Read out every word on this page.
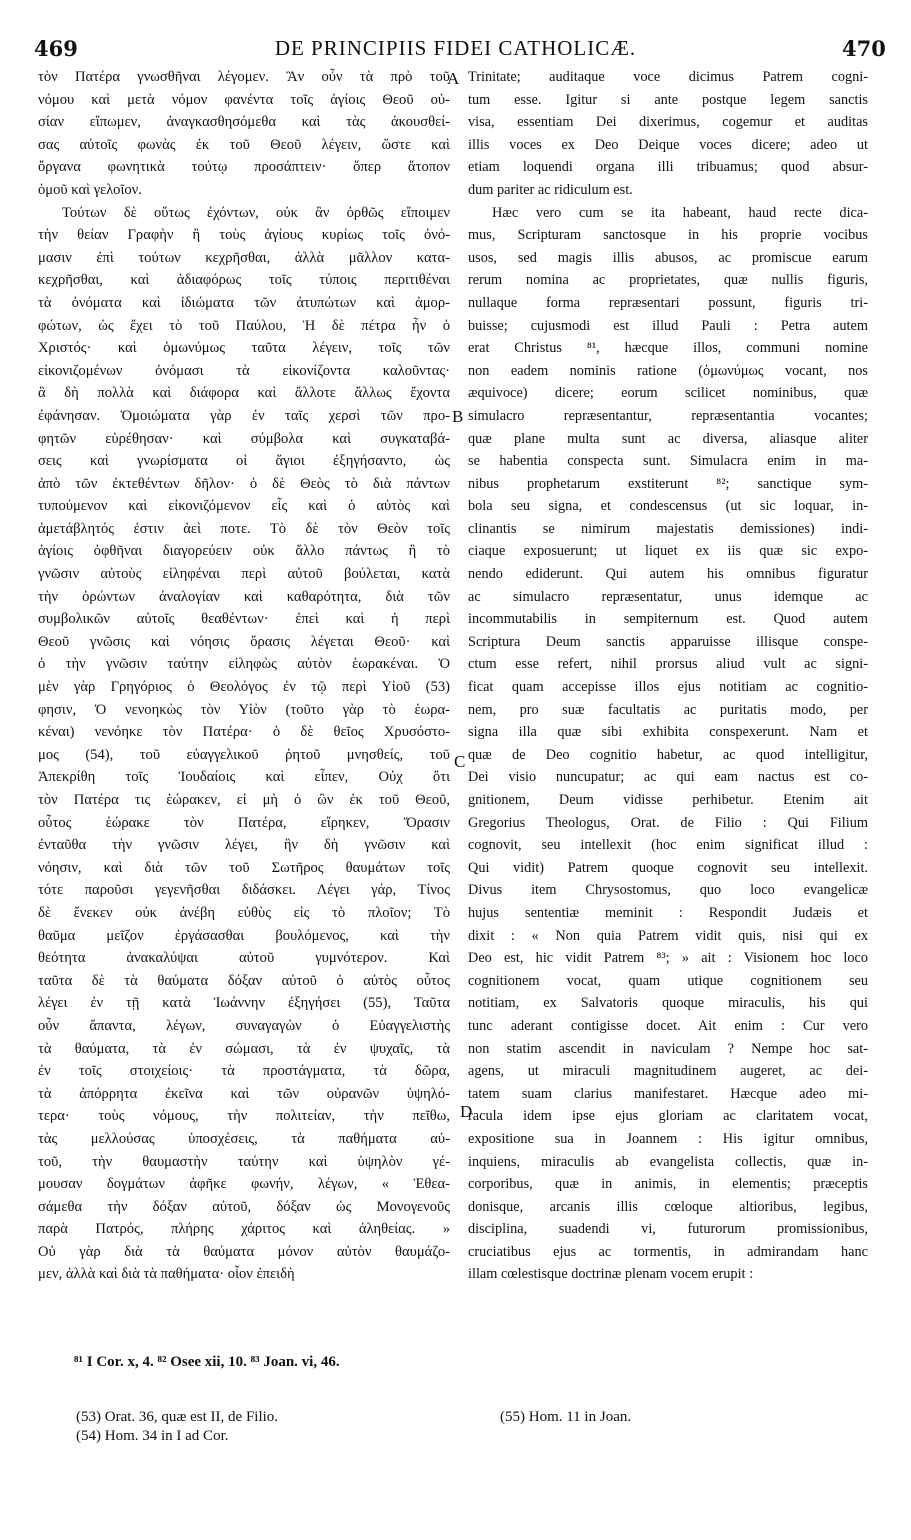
469	DE PRINCIPIIS FIDEI CATHOLICÆ.	470
τὸν Πατέρα γνωσθῆναι λέγομεν. Ἂν οὖν τὰ πρὸ τοῦ
νόμου καὶ μετὰ νόμον φανέντα τοῖς ἁγίοις Θεοῦ οὐ-
σίαν εἴπωμεν, ἀναγκασθησόμεθα καὶ τὰς ἀκουσθεί-
σας αὐτοῖς φωνὰς ἐκ τοῦ Θεοῦ λέγειν, ὥστε καὶ
ὄργανα φωνητικὰ τούτῳ προσάπτειν· ὅπερ ἄτοπον
ὁμοῦ καὶ γελοῖον.
Τούτων δὲ οὕτως ἐχόντων, οὐκ ἂν ὀρθῶς εἴποιμεν
τὴν θείαν Γραφὴν ἢ τοὺς ἁγίους κυρίως τοῖς ὀνό-
μασιν ἐπὶ τούτων κεχρῆσθαι, ἀλλὰ μᾶλλον κατα-
κεχρῆσθαι, καὶ ἀδιαφόρως τοῖς τύποις περιτιθέναι
τὰ ὀνόματα καὶ ἰδιώματα τῶν ἀτυπώτων καὶ ἀμορ-
φώτων, ὡς ἔχει τὸ τοῦ Παύλου, Ἡ δὲ πέτρα ἦν ὁ
Χριστός· καὶ ὁμωνύμως ταῦτα λέγειν, τοῖς τῶν
εἰκονιζομένων ὀνόμασι τὰ εἰκονίζοντα καλοῦντας·
ἃ δὴ πολλὰ καὶ διάφορα καὶ ἄλλοτε ἄλλως ἔχοντα
ἐφάνησαν. Ὁμοιώματα γὰρ ἐν ταῖς χερσὶ τῶν προ-
φητῶν εὑρέθησαν· καὶ σύμβολα καὶ συγκαταβά-
σεις καὶ γνωρίσματα οἱ ἅγιοι ἐξηγήσαντο, ὡς
ἀπὸ τῶν ἐκτεθέντων δῆλον· ὁ δὲ Θεὸς τὸ διὰ πάντων
τυπούμενον καὶ εἰκονιζόμενον εἷς καὶ ὁ αὐτὸς καὶ
ἀμετάβλητός ἐστιν ἀεὶ ποτε. Τὸ δὲ τὸν Θεὸν τοῖς
ἁγίοις ὀφθῆναι διαγορεύειν οὐκ ἄλλο πάντως ἢ τὸ
γνῶσιν αὐτοὺς εἰληφέναι περὶ αὐτοῦ βούλεται, κατὰ
τὴν ὁρώντων ἀναλογίαν καὶ καθαρότητα, διὰ τῶν
συμβολικῶν αὐτοῖς θεαθέντων· ἐπεὶ καὶ ἡ περὶ
Θεοῦ γνῶσις καὶ νόησις ὅρασις λέγεται Θεοῦ· καὶ
ὁ τὴν γνῶσιν ταύτην εἰληφὼς αὐτὸν ἑωρακέναι. Ὁ
μὲν γὰρ Γρηγόριος ὁ Θεολόγος ἐν τῷ περὶ Υἱοῦ (53)
φησιν, Ὁ νενοηκὼς τὸν Υἱὸν (τοῦτο γὰρ τὸ ἑωρα-
κέναι) νενόηκε τὸν Πατέρα· ὁ δὲ θεῖος Χρυσόστο-
μος (54), τοῦ εὐαγγελικοῦ ῥητοῦ μνησθείς, τοῦ
Ἀπεκρίθη τοῖς Ἰουδαίοις καὶ εἶπεν, Οὐχ ὅτι
τὸν Πατέρα τις ἑώρακεν, εἰ μὴ ὁ ὢν ἐκ τοῦ Θεοῦ,
οὗτος ἑώρακε τὸν Πατέρα, εἴρηκεν, Ὅρασιν
ἐνταῦθα τὴν γνῶσιν λέγει, ἣν δὴ γνῶσιν καὶ
νόησιν, καὶ διὰ τῶν τοῦ Σωτῆρος θαυμάτων τοῖς
τότε παροῦσι γεγενῆσθαι διδάσκει. Λέγει γάρ, Τίνος
δὲ ἕνεκεν οὐκ ἀνέβη εὐθὺς εἰς τὸ πλοῖον; Τὸ
θαῦμα μεῖζον ἐργάσασθαι βουλόμενος, καὶ τὴν
θεότητα ἀνακαλύψαι αὐτοῦ γυμνότερον. Καὶ
ταῦτα δὲ τὰ θαύματα δόξαν αὐτοῦ ὁ αὐτὸς οὗτος
λέγει ἐν τῇ κατὰ Ἰωάννην ἐξηγήσει (55), Ταῦτα
οὖν ἅπαντα, λέγων, συναγαγὼν ὁ Εὐαγγελιστὴς
τὰ θαύματα, τὰ ἐν σώμασι, τὰ ἐν ψυχαῖς, τὰ
ἐν τοῖς στοιχείοις· τὰ προστάγματα, τὰ δῶρα,
τὰ ἀπόρρητα ἐκεῖνα καὶ τῶν οὐρανῶν ὑψηλό-
τερα· τοὺς νόμους, τὴν πολιτείαν, τὴν πεῖθω,
τὰς μελλούσας ὑποσχέσεις, τὰ παθήματα αὐ-
τοῦ, τὴν θαυμαστὴν ταύτην καὶ ὑψηλὸν γέ-
μουσαν δογμάτων ἀφῆκε φωνήν, λέγων, « Ἐθεα-
σάμεθα τὴν δόξαν αὐτοῦ, δόξαν ὡς Μονογενοῦς
παρὰ Πατρός, πλήρης χάριτος καὶ ἀληθείας. »
Οὐ γὰρ διὰ τὰ θαύματα μόνον αὐτὸν θαυμάζο-
μεν, ἀλλὰ καὶ διὰ τὰ παθήματα· οἷον ἐπειδὴ
Trinitate; auditaque voce dicimus Patrem cogni-
tum esse. Igitur si ante postque legem sanctis
visa, essentiam Dei dixerimus, cogemur et auditas
illis voces ex Deo Deique voces dicere; adeo ut
etiam loquendi organa illi tribuamus; quod absur-
dum pariter ac ridiculum est.
Hæc vero cum se ita habeant, haud recte dica-
mus, Scripturam sanctosque in his proprie vocibus
usos, sed magis illis abusos, ac promiscue earum
rerum nomina ac proprietates, quæ nullis figuris,
nullaque forma repræsentari possunt, figuris tri-
buisse; cujusmodi est illud Pauli : Petra autem
erat Christus ⁸¹, hæcque illos, communi nomine
non eadem nominis ratione (ὁμωνύμως vocant, nos
æquivoce) dicere; eorum scilicet nominibus, quæ
simulacro repræsentantur, repræsentantia vocantes;
quæ plane multa sunt ac diversa, aliasque aliter
se habentia conspecta sunt. Simulacra enim in ma-
nibus prophetarum exstiterunt ⁸²; sanctique sym-
bola seu signa, et condescensus (ut sic loquar, in-
clinantis se nimirum majestatis demissiones) indi-
ciaque exposuerunt; ut liquet ex iis quæ sic expo-
nendo ediderunt. Qui autem his omnibus figuratur
ac simulacro repræsentatur, unus idemque ac
incommutabilis in sempiternum est. Quod autem
Scriptura Deum sanctis apparuisse illisque conspe-
ctum esse refert, nihil prorsus aliud vult ac signi-
ficat quam accepisse illos ejus notitiam ac cognitio-
nem, pro suæ facultatis ac puritatis modo, per
signa illa quæ sibi exhibita conspexerunt. Nam et
quæ de Deo cognitio habetur, ac quod intelligitur,
Dei visio nuncupatur; ac qui eam nactus est co-
gnitionem, Deum vidisse perhibetur. Etenim ait
Gregorius Theologus, Orat. de Filio : Qui Filium
cognovit, seu intellexit (hoc enim significat illud :
Qui vidit) Patrem quoque cognovit seu intellexit.
Divus item Chrysostomus, quo loco evangelicæ
hujus sententiæ meminit : Respondit Judæis et
dixit : « Non quia Patrem vidit quis, nisi qui ex
Deo est, hic vidit Patrem ⁸³; » ait : Visionem hoc loco
cognitionem vocat, quam utique cognitionem seu
notitiam, ex Salvatoris quoque miraculis, his qui
tunc aderant contigisse docet. Ait enim : Cur vero
non statim ascendit in naviculam ? Nempe hoc sat-
agens, ut miraculi magnitudinem augeret, ac dei-
tatem suam clarius manifestaret. Hæcque adeo mi-
racula idem ipse ejus gloriam ac claritatem vocat,
expositione sua in Joannem : His igitur omnibus,
inquiens, miraculis ab evangelista collectis, quæ in-
corporibus, quæ in animis, in elementis; præceptis
donisque, arcanis illis cœloque altioribus, legibus,
disciplina, suadendi vi, futurorum promissionibus,
cruciatibus ejus ac tormentis, in admirandam hanc
illam cœlestisque doctrinæ plenam vocem erupit :
A
B
C
D
⁸¹ I Cor. x, 4. ⁸² Osee xii, 10. ⁸³ Joan. vi, 46.
(53) Orat. 36, quæ est II, de Filio.
(54) Hom. 34 in I ad Cor.
(55) Hom. 11 in Joan.
